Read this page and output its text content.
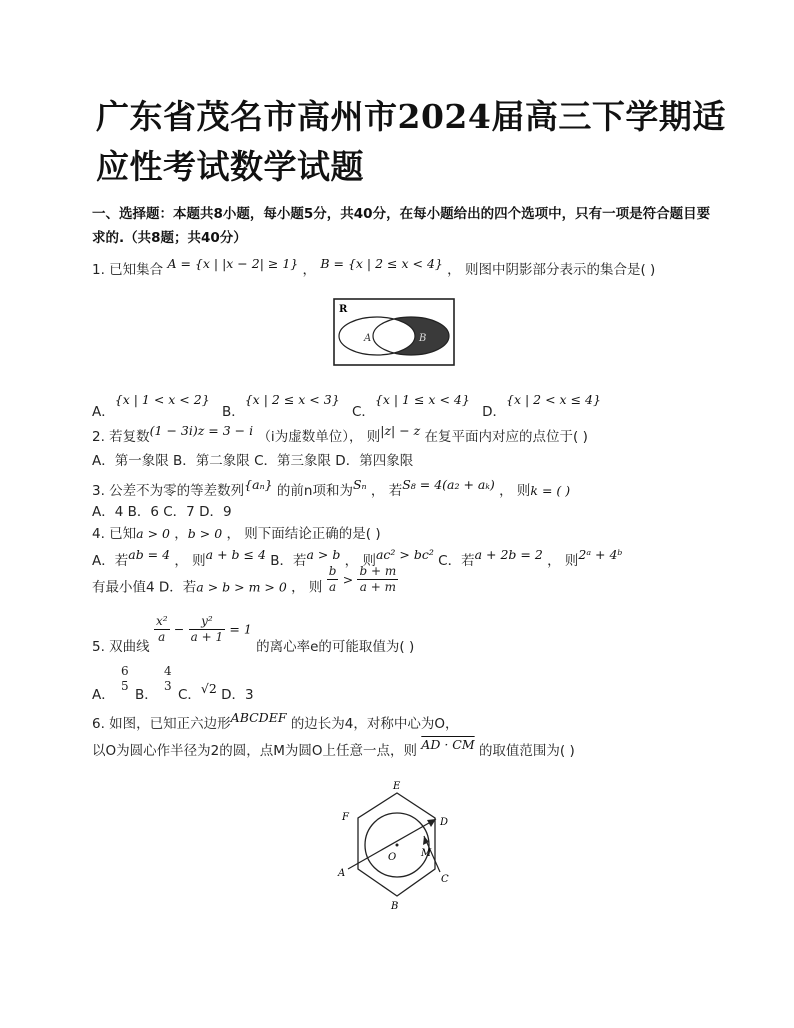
广东省茂名市高州市2024届高三下学期适应性考试数学试题
一、选择题：本题共8小题，每小题5分，共40分，在每小题给出的四个选项中，只有一项是符合题目要求的.（共8题；共40分）
1. 已知集合 A = {x | |x − 2| ≥ 1} ， B = {x | 2 ≤ x < 4} ， 则图中阴影部分表示的集合是( )
R
A	B
A．{x | 1 < x < 2} B．{x | 2 ≤ x < 3} C．{x | 1 ≤ x < 4} D．{x | 2 < x ≤ 4}
2. 若复数(1 − 3i)z = 3 − i （i为虚数单位）， 则|z| − z 在复平面内对应的点位于( )
A．第一象限 B．第二象限 C．第三象限 D．第四象限
3. 公差不为零的等差数列{aₙ} 的前n项和为Sₙ ， 若S₈ = 4(a₂ + aₖ) ， 则k = ( )
A．4 B．6 C．7 D．9
4. 已知a > 0 ，b > 0 ， 则下面结论正确的是( )
A．若ab = 4 ， 则a + b ≤ 4 B．若a > b ， 则ac² > bc² C．若a + 2b = 2 ， 则2ᵃ + 4ᵇ
有最小值4 D．若a > b > m > 0 ， 则 $\frac{b}{a} > \frac{b + m}{a + m}$
5. 双曲线
$\frac{\text{x²}}{a} - \frac{\text{y²}}{a + 1} = 1$ 的离心率e的可能取值为( )
A．
6
5
B．
4
3
C．√2 D．3
6. 如图，已知正六边形ABCDEF 的边长为4，对称中心为O，
以O为圆心作半径为2的圆，点M为圆O上任意一点，则 AD · CM 的取值范围为( )
E
F	D
A
C
B
O M
